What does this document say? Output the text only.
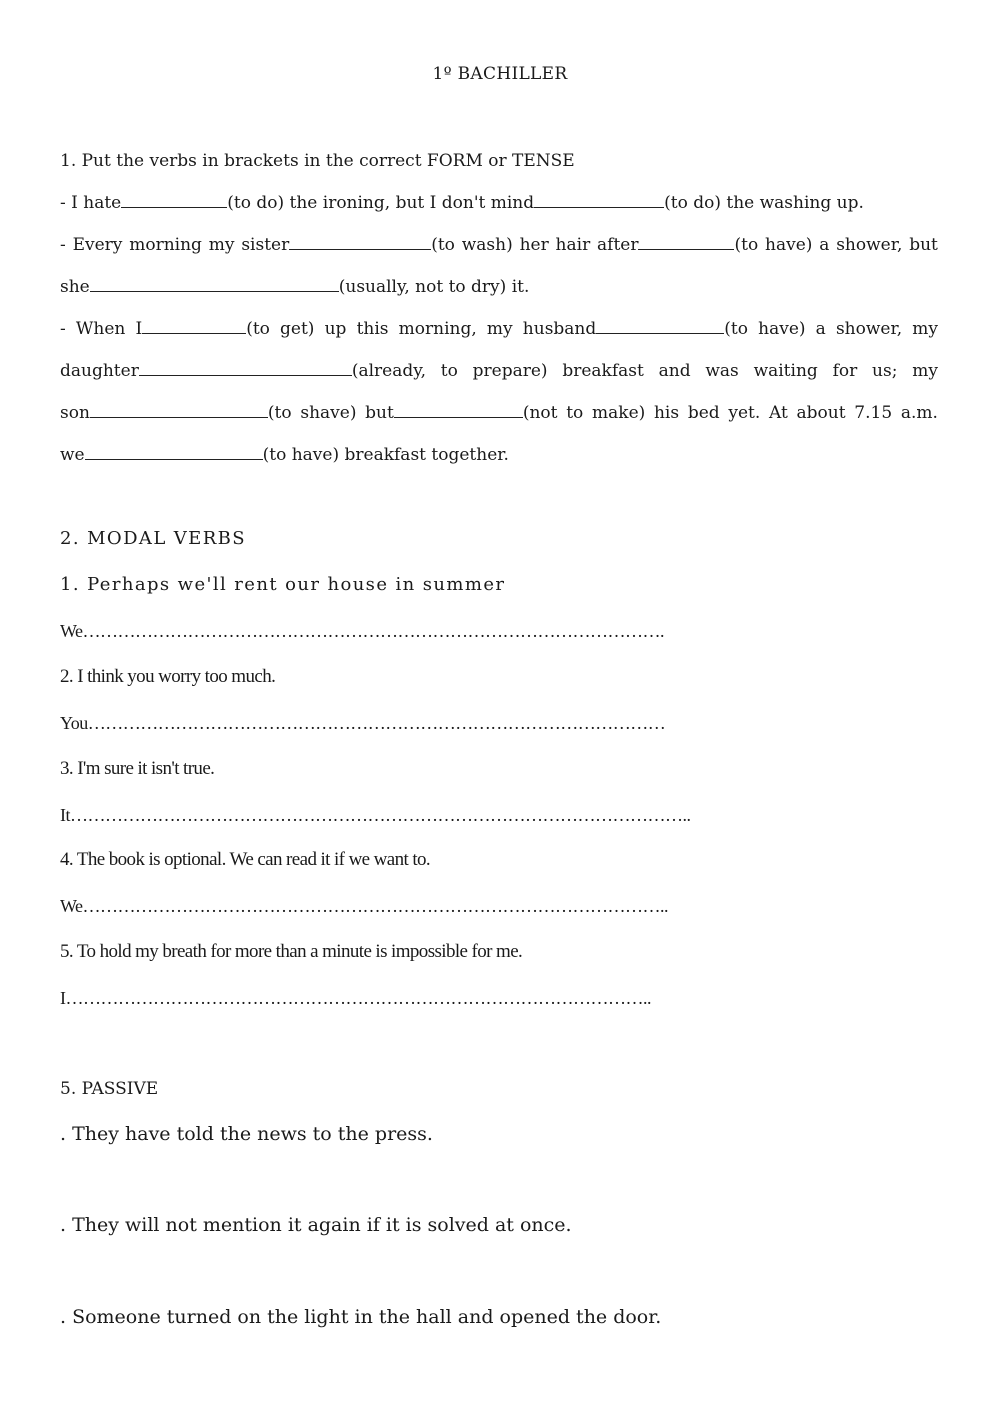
1º BACHILLER
1. Put the verbs in brackets in the correct FORM or TENSE
- I hate	(to do) the ironing, but I don't mind	(to do) the washing up.
- Every morning my sister	(to wash) her hair after	(to have) a shower, but
she	(usually, not to dry) it.
- When I	(to get) up this morning, my husband	(to have) a shower, my
daughter	(already, to prepare) breakfast and was waiting for us; my
son	(to shave) but	(not to make) his bed yet. At about 7.15 a.m.
we	(to have) breakfast together.
2. MODAL VERBS
1. Perhaps we'll rent our house in summer
We……………………………………………………………………………………….
2. I think you worry too much.
You………………………………………………………………………………………
3. I'm sure it isn't true.
It……………………………………………………………………………………………..
4. The book is optional. We can read it if we want to.
We………………………………………………………………………………………..
5. To hold my breath for more than a minute is impossible for me.
I………………………………………………………………………………………..
5. PASSIVE
. They have told the news to the press.
. They will not mention it again if it is solved at once.
. Someone turned on the light in the hall and opened the door.
